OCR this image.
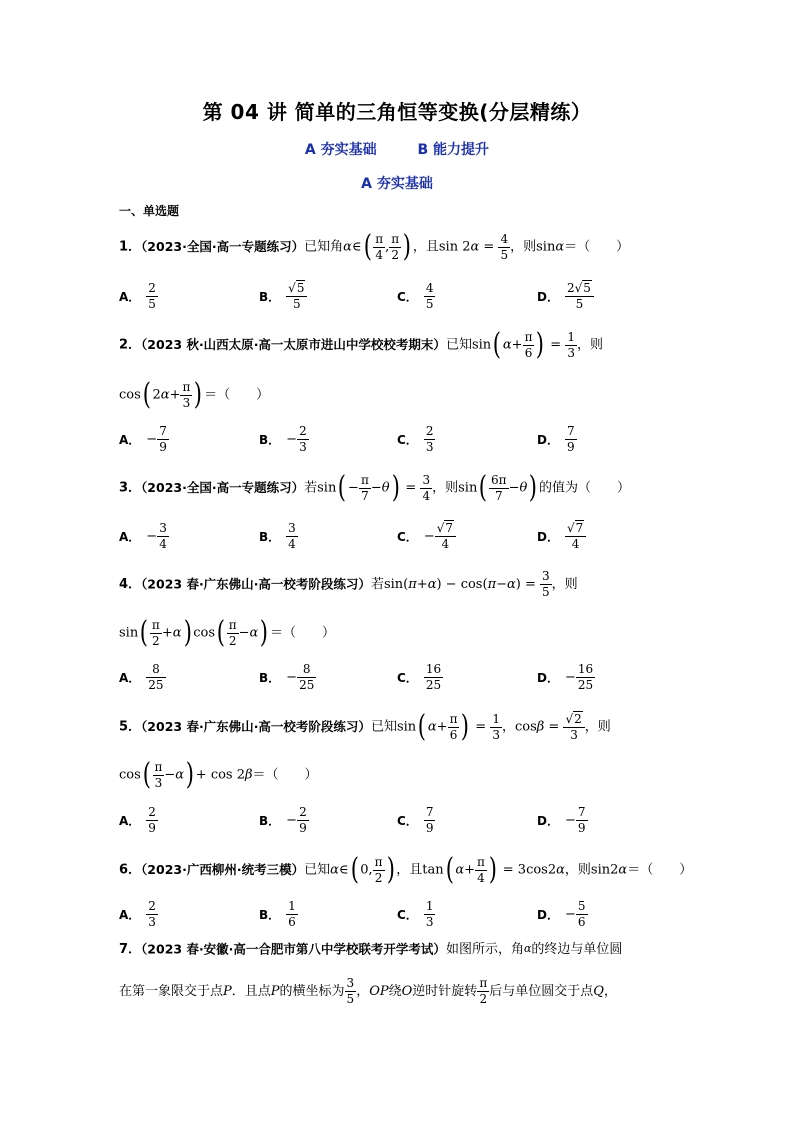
第 04 讲 简单的三角恒等变换(分层精练）
A 夯实基础	B 能力提升
A 夯实基础
一、单选题
1．（2023·全国·高一专题练习）已知角α∈( $\frac{\pi}{4}$ , $\frac{\pi}{2}$ ) ，且$\sin 2\alpha = \frac{4}{5}$ ，则sinα＝（　　）
A． $\frac{2}{5}$	B． $\frac{√5}{5}$	C． $\frac{4}{5}$	D． $\frac{2√5}{5}$
2．（2023 秋·山西太原·高一太原市进山中学校校考期末）已知sin( $\alpha+ \frac{\pi}{6}$ ) = $\frac{1}{3}$ ，则
cos( $2\alpha+ \frac{\pi}{3}$ ) ＝（　　）
A． − $\frac{7}{9}$	B． − $\frac{2}{3}$	C． $\frac{2}{3}$	D． $\frac{7}{9}$
3．（2023·全国·高一专题练习）若$\sin( - \frac{\pi}{7} -\theta) = \frac{3}{4}$ ，则$\sin( \frac{6\pi}{7} -\theta)$ 的值为（　　）
A． − $\frac{3}{4}$	B． $\frac{3}{4}$	C． − $\frac{√7}{4}$	D． $\frac{√7}{4}$
4．（2023 春·广东佛山·高一校考阶段练习）若$\sin(\pi+\alpha) - \cos(\pi-\alpha) = \frac{3}{5}$ ，则
$\sin( \frac{\pi}{2} +\alpha)$ $\cos( \frac{\pi}{2} -\alpha)$ ＝（　　）
A． $\frac{8}{25}$	B． − $\frac{8}{25}$	C． $\frac{16}{25}$	D． − $\frac{16}{25}$
5．（2023 春·广东佛山·高一校考阶段练习）已知sin( $\alpha+ \frac{\pi}{6}$ ) = $\frac{1}{3}$ ，$\cos\beta = \frac{√2}{3}$ ，则
$\cos( \frac{\pi}{3} -\alpha) + \cos 2\beta=$（　　）
A． $\frac{2}{9}$	B． − $\frac{2}{9}$	C． $\frac{7}{9}$	D． − $\frac{7}{9}$
6．（2023·广西柳州·统考三模）已知α∈( 0, $\frac{\pi}{2}$ ) ，且tan( $\alpha+ \frac{\pi}{4}$ ) = 3cos2α，则sin2α＝（　　）
A． $\frac{2}{3}$	B． $\frac{1}{6}$	C． $\frac{1}{3}$	D． − $\frac{5}{6}$
7．（2023 春·安徽·高一合肥市第八中学校联考开学考试）如图所示，角$^\alpha$的终边与单位圆
在第一象限交于点P．且点P的横坐标为 $\frac{3}{5}$ ，OP绕O逆时针旋转 $\frac{\pi}{2}$ 后与单位圆交于点Q，
